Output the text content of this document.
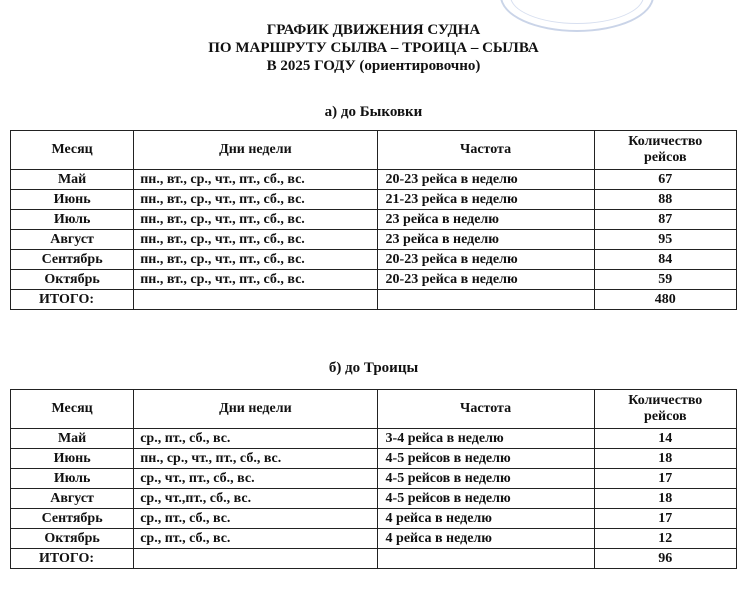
ГРАФИК ДВИЖЕНИЯ СУДНА
ПО МАРШРУТУ СЫЛВА – ТРОИЦА – СЫЛВА
В 2025 ГОДУ (ориентировочно)
а) до Быковки
Месяц	Дни недели	Частота	Количество
рейсов
Май	пн., вт., ср., чт., пт., сб., вс.	20-23 рейса в неделю	67
Июнь	пн., вт., ср., чт., пт., сб., вс.	21-23 рейса в неделю	88
Июль	пн., вт., ср., чт., пт., сб., вс.	23 рейса в неделю	87
Август	пн., вт., ср., чт., пт., сб., вс.	23 рейса в неделю	95
Сентябрь	пн., вт., ср., чт., пт., сб., вс.	20-23 рейса в неделю	84
Октябрь	пн., вт., ср., чт., пт., сб., вс.	20-23 рейса в неделю	59
ИТОГО:			480
б) до Троицы
Месяц	Дни недели	Частота	Количество
рейсов
Май	ср., пт., сб., вс.	3-4 рейса в неделю	14
Июнь	пн., ср., чт., пт., сб., вс.	4-5 рейсов в неделю	18
Июль	ср., чт., пт., сб., вс.	4-5 рейсов в неделю	17
Август	ср., чт.,пт., сб., вс.	4-5 рейсов в неделю	18
Сентябрь	ср., пт., сб., вс.	4 рейса в неделю	17
Октябрь	ср., пт., сб., вс.	4 рейса в неделю	12
ИТОГО:			96
